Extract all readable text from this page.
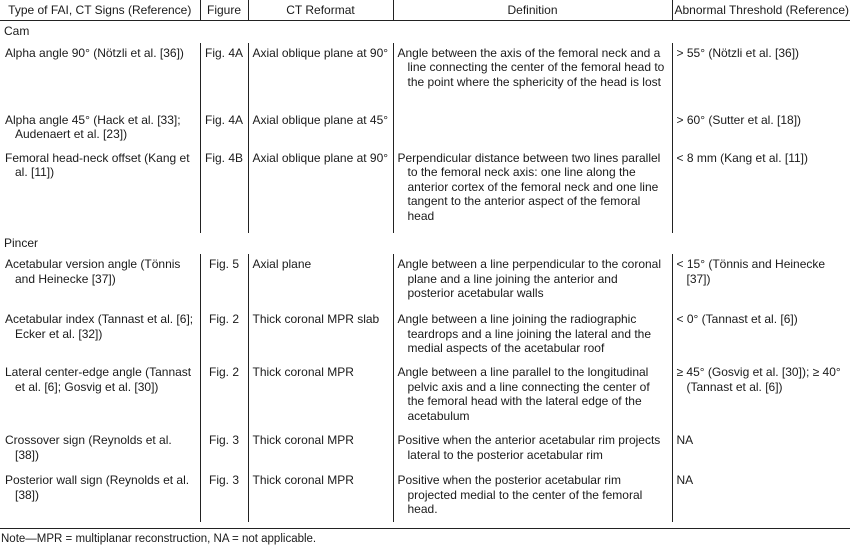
Type of FAI, CT Signs (Reference)	Figure	CT Reformat	Definition	Abnormal Threshold (Reference)
Cam				

Alpha angle 90° (Nötzli et al. [36])	Fig. 4A	Axial oblique plane at 90°	Angle between the axis of the femoral neck and a line connecting the center of the femoral head to the point where the sphericity of the head is lost	> 55° (Nötzli et al. [36])

Alpha angle 45° (Hack et al. [33]; Audenaert et al. [23])	Fig. 4A	Axial oblique plane at 45°		> 60° (Sutter et al. [18])

Femoral head-neck offset (Kang et al. [11])	Fig. 4B	Axial oblique plane at 90°	Perpendicular distance between two lines parallel to the femoral neck axis: one line along the anterior cortex of the femoral neck and one line tangent to the anterior aspect of the femoral head	< 8 mm (Kang et al. [11])

Pincer				

Acetabular version angle (Tönnis and Heinecke [37])	Fig. 5	Axial plane	Angle between a line perpendicular to the coronal plane and a line joining the anterior and posterior acetabular walls	< 15° (Tönnis and Heinecke [37])

Acetabular index (Tannast et al. [6]; Ecker et al. [32])	Fig. 2	Thick coronal MPR slab	Angle between a line joining the radiographic teardrops and a line joining the lateral and the medial aspects of the acetabular roof	< 0° (Tannast et al. [6])

Lateral center-edge angle (Tannast et al. [6]; Gosvig et al. [30])	Fig. 2	Thick coronal MPR	Angle between a line parallel to the longitudinal pelvic axis and a line connecting the center of the femoral head with the lateral edge of the acetabulum	≥ 45° (Gosvig et al. [30]); ≥ 40° (Tannast et al. [6])

Crossover sign (Reynolds et al. [38])	Fig. 3	Thick coronal MPR	Positive when the anterior acetabular rim projects lateral to the posterior acetabular rim	NA

Posterior wall sign (Reynolds et al. [38])	Fig. 3	Thick coronal MPR	Positive when the posterior acetabular rim projected medial to the center of the femoral head.	NA
Note—MPR = multiplanar reconstruction, NA = not applicable.
